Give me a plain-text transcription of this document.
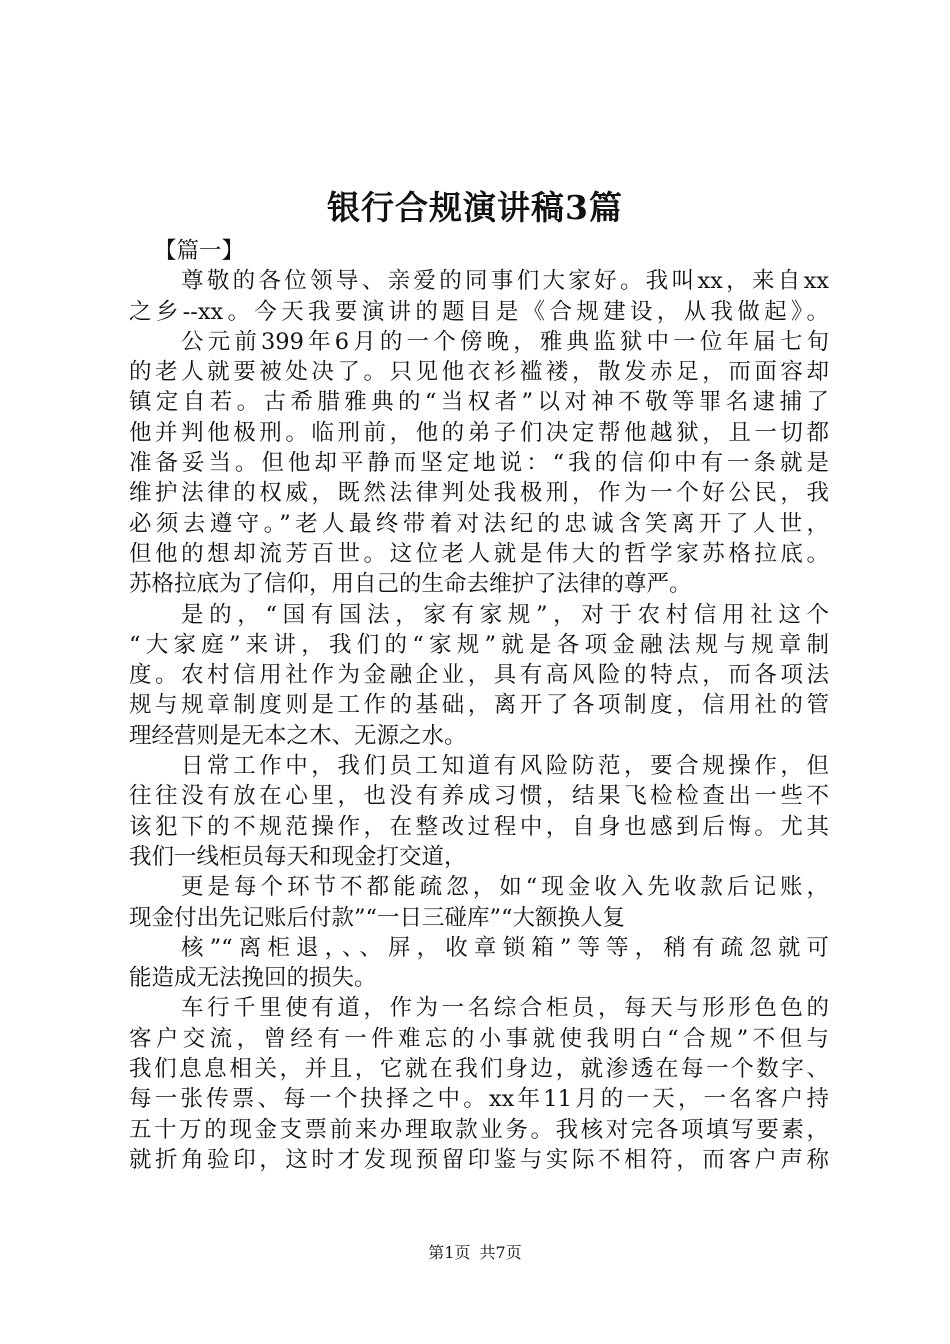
银行合规演讲稿3篇
【篇一】
尊敬的各位领导、亲爱的同事们大家好。我叫xx，来自xx
之乡--xx。今天我要演讲的题目是《合规建设，从我做起》。
公元前399年6月的一个傍晚，雅典监狱中一位年届七旬
的老人就要被处决了。只见他衣衫褴褛，散发赤足，而面容却
镇定自若。古希腊雅典的“当权者”以对神不敬等罪名逮捕了
他并判他极刑。临刑前，他的弟子们决定帮他越狱，且一切都
准备妥当。但他却平静而坚定地说：“我的信仰中有一条就是
维护法律的权威，既然法律判处我极刑，作为一个好公民，我
必须去遵守。”老人最终带着对法纪的忠诚含笑离开了人世，
但他的想却流芳百世。这位老人就是伟大的哲学家苏格拉底。
苏格拉底为了信仰，用自己的生命去维护了法律的尊严。
是的，“国有国法，家有家规”，对于农村信用社这个
“大家庭”来讲，我们的“家规”就是各项金融法规与规章制
度。农村信用社作为金融企业，具有高风险的特点，而各项法
规与规章制度则是工作的基础，离开了各项制度，信用社的管
理经营则是无本之木、无源之水。
日常工作中，我们员工知道有风险防范，要合规操作，但
往往没有放在心里，也没有养成习惯，结果飞检检查出一些不
该犯下的不规范操作，在整改过程中，自身也感到后悔。尤其
我们一线柜员每天和现金打交道，
更是每个环节不都能疏忽，如“现金收入先收款后记账，
现金付出先记账后付款”“一日三碰库”“大额换人复
核”“离柜退，、、屏，收章锁箱”等等，稍有疏忽就可
能造成无法挽回的损失。
车行千里使有道，作为一名综合柜员，每天与形形色色的
客户交流，曾经有一件难忘的小事就使我明白“合规”不但与
我们息息相关，并且，它就在我们身边，就渗透在每一个数字、
每一张传票、每一个抉择之中。xx年11月的一天，一名客户持
五十万的现金支票前来办理取款业务。我核对完各项填写要素，
就折角验印，这时才发现预留印鉴与实际不相符，而客户声称
第1页 共7页
